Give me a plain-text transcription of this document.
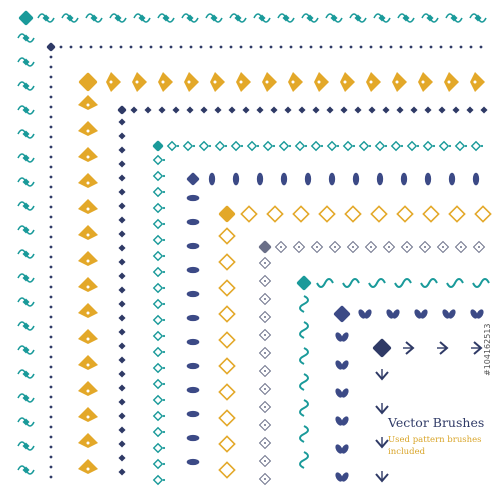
Vector Brushes
Used pattern brushes included
#104162513
